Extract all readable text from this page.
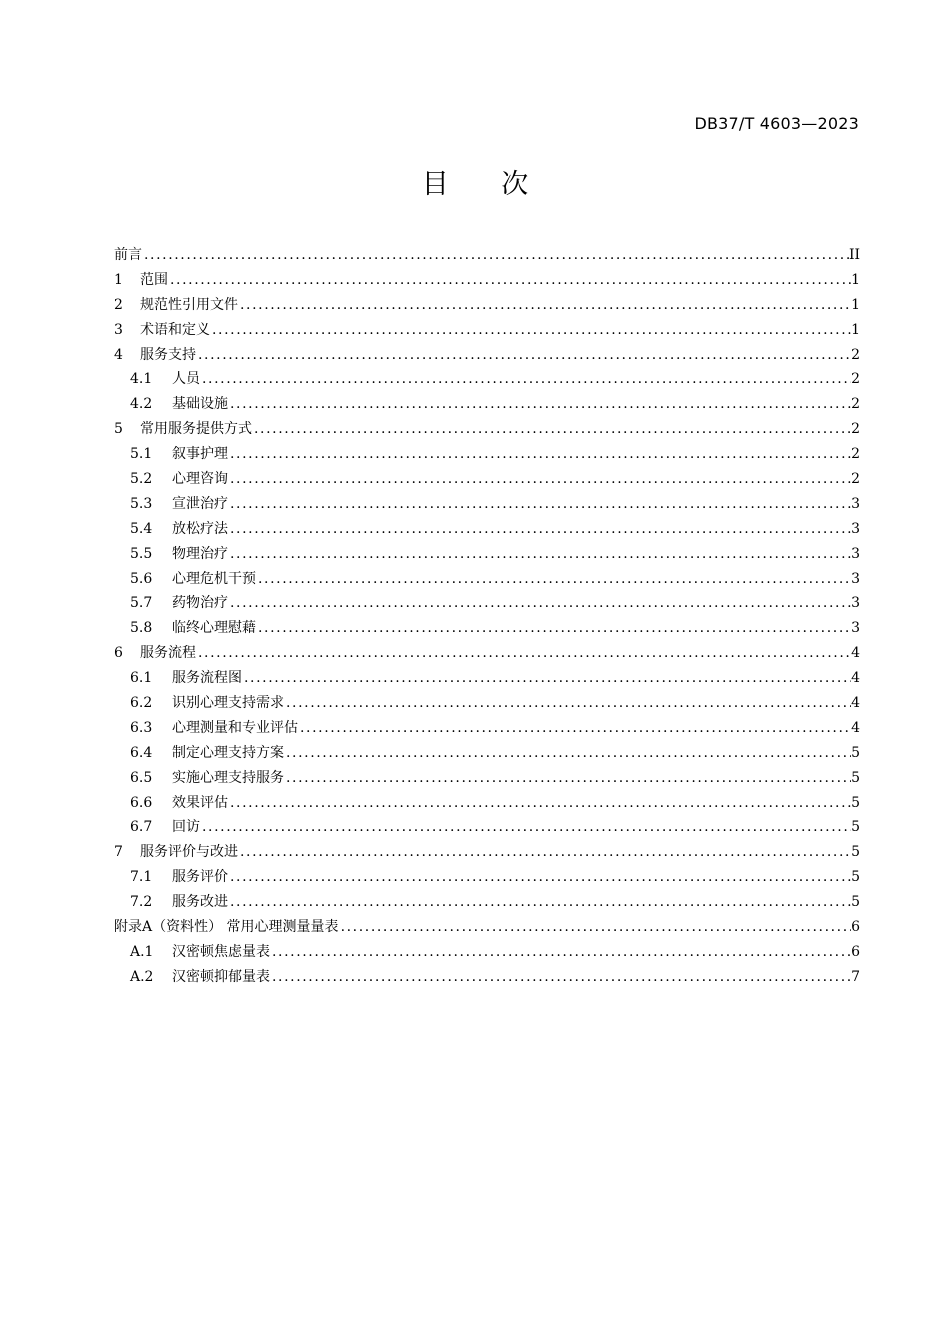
DB37/T 4603—2023
目 次
前言 .....	II
1	范围 .....	1
2	规范性引用文件 .....	1
3	术语和定义 .....	1
4	服务支持 .....	2
4.1	人员 .....	2
4.2	基础设施 .....	2
5	常用服务提供方式 .....	2
5.1	叙事护理 .....	2
5.2	心理咨询 .....	2
5.3	宣泄治疗 .....	3
5.4	放松疗法 .....	3
5.5	物理治疗 .....	3
5.6	心理危机干预 .....	3
5.7	药物治疗 .....	3
5.8	临终心理慰藉 .....	3
6	服务流程 .....	4
6.1	服务流程图 .....	4
6.2	识别心理支持需求 .....	4
6.3	心理测量和专业评估 .....	4
6.4	制定心理支持方案 .....	5
6.5	实施心理支持服务 .....	5
6.6	效果评估 .....	5
6.7	回访 .....	5
7	服务评价与改进 .....	5
7.1	服务评价 .....	5
7.2	服务改进 .....	5
附录A（资料性） 常用心理测量量表 .....	6
A.1	汉密顿焦虑量表 .....	6
A.2	汉密顿抑郁量表 .....	7
